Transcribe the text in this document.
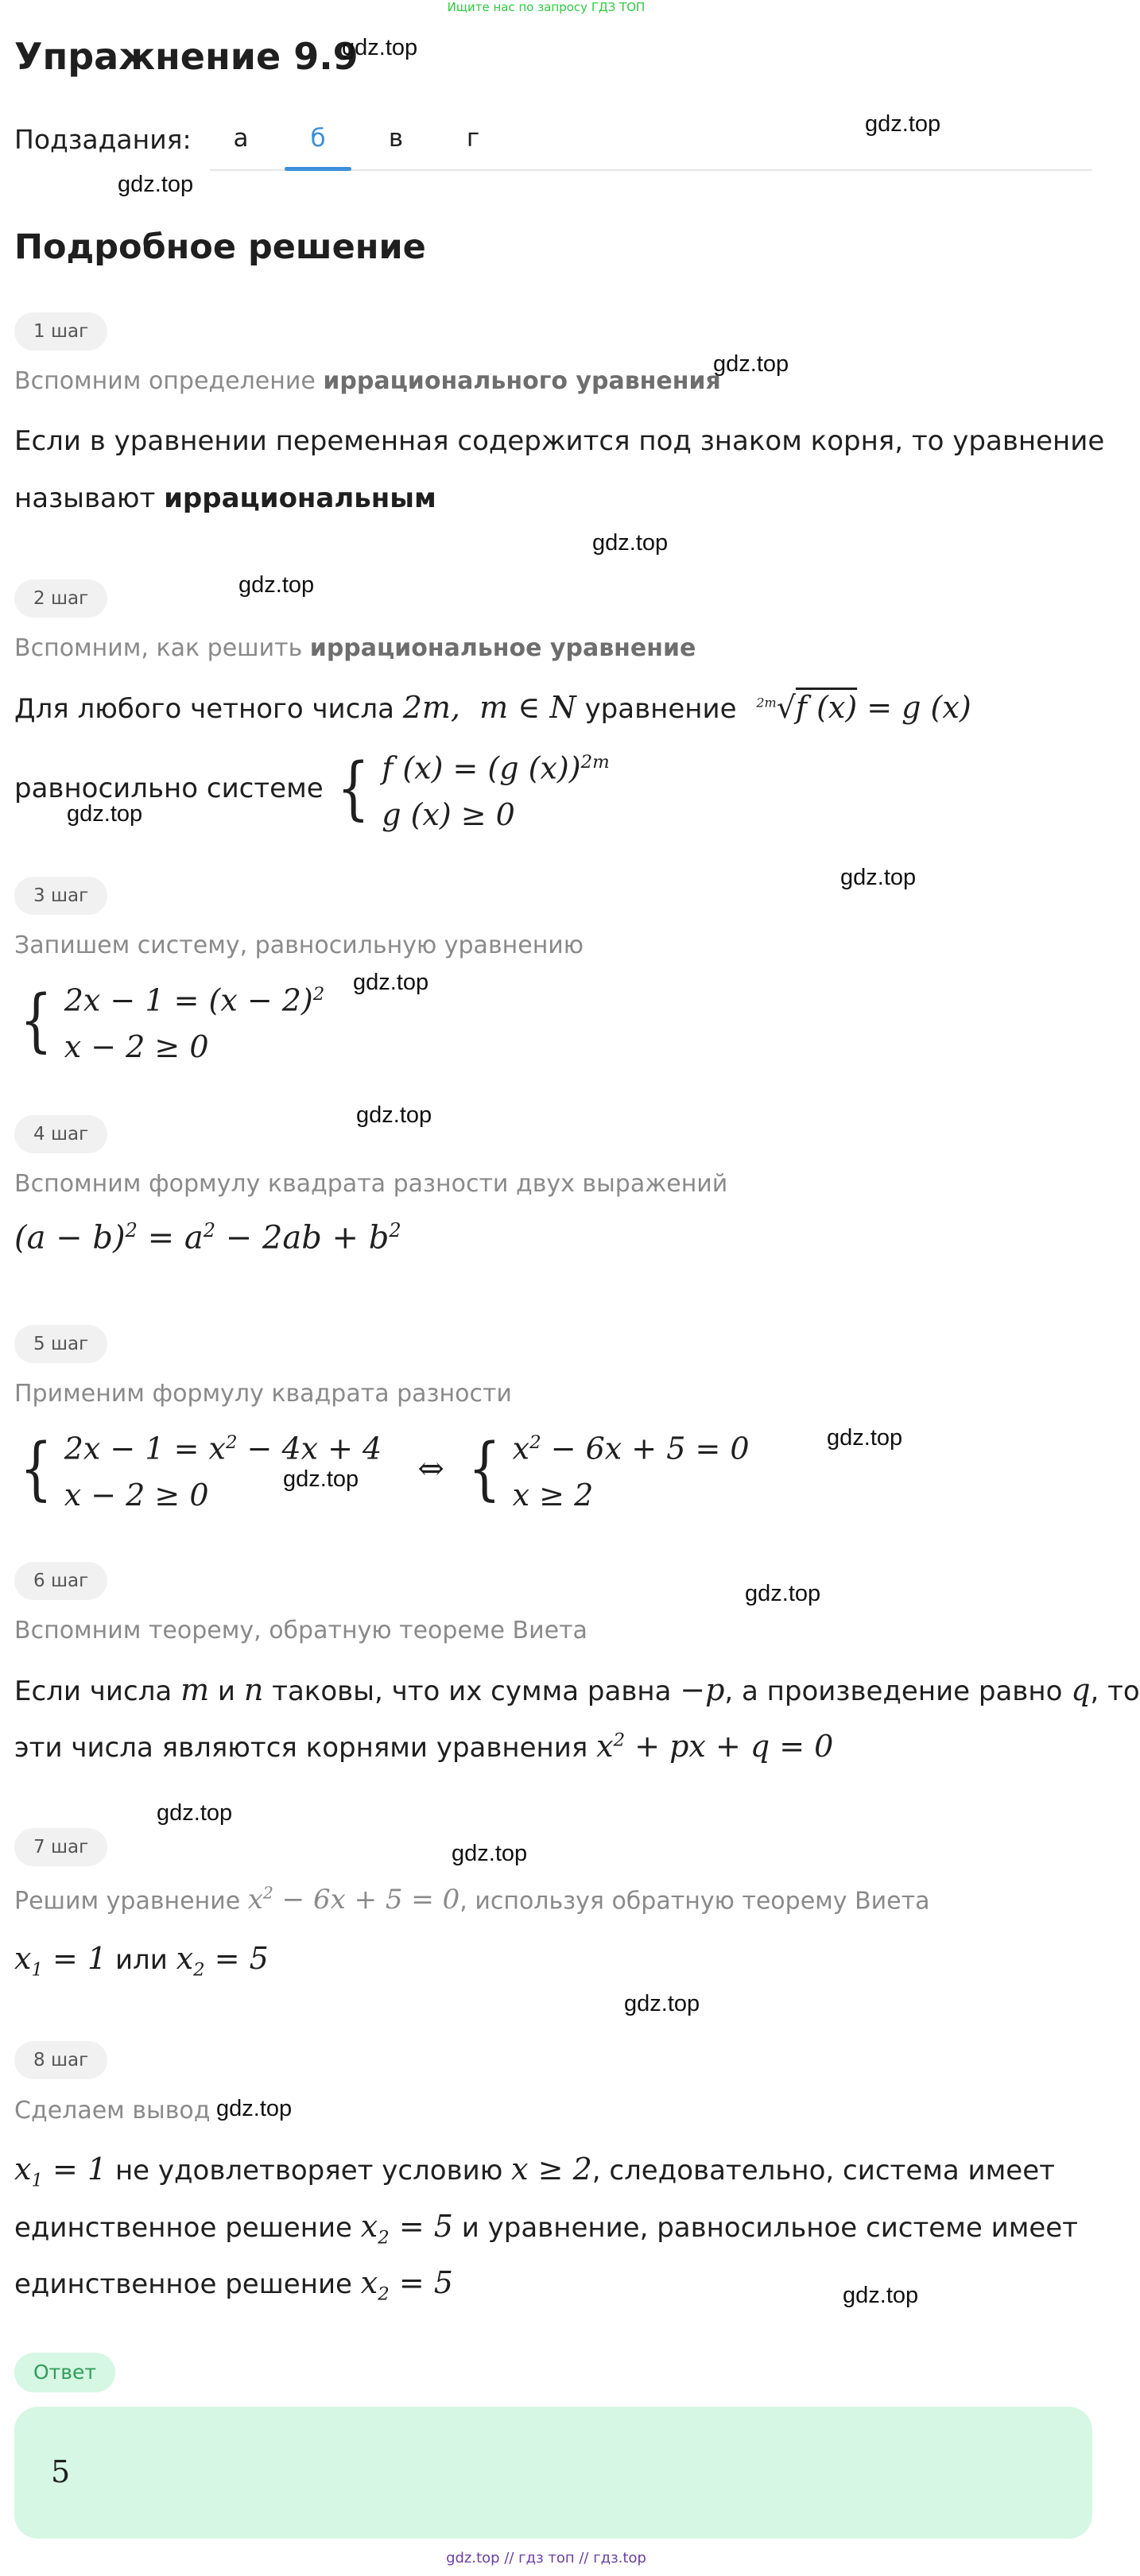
Ищите нас по запросу ГДЗ ТОП
Упражнение 9.9
gdz.top
gdz.top
gdz.top
gdz.top
gdz.top
gdz.top
gdz.top
gdz.top
gdz.top
gdz.top
gdz.top
gdz.top
gdz.top
gdz.top
gdz.top
gdz.top
gdz.top
gdz.top
Подзадания:	а	б	в	г
Подробное решение
1 шаг
Вспомним определение иррационального уравнения
Если в уравнении переменная содержится под знаком корня, то уравнение
называют иррациональным
2 шаг
Вспомним, как решить иррациональное уравнение
Для любого четного числа 2m,  m ∈ N уравнение $^{2m}$√f (x) = g (x)
равносильно системе { f (x) = (g (x))$^{2m}$
g (x) ≥ 0
3 шаг
Запишем систему, равносильную уравнению
{ $2x - 1 = (x - 2)^2$
x − 2 ≥ 0
4 шаг
Вспомним формулу квадрата разности двух выражений
$(a - b)^2 = a^2 - 2ab + b^2$
5 шаг
Применим формулу квадрата разности
{ $2x - 1 = x^2 - 4x + 4$
x − 2 ≥ 0
⇔ { $x^2 - 6x + 5 = 0$
x ≥ 2
6 шаг
Вспомним теорему, обратную теореме Виета
Если числа m и n таковы, что их сумма равна −p, а произведение равно q, то
эти числа являются корнями уравнения $x^2$ + px + q = 0
7 шаг
Решим уравнение $x^2 - 6x + 5 = 0$, используя обратную теорему Виета
$x_1 = 1$ или $x_2 = 5$
8 шаг
Сделаем вывод
$x_1 = 1$ не удовлетворяет условию x ≥ 2, следовательно, система имеет
единственное решение $x_2 = 5$ и уравнение, равносильное системе имеет
единственное решение $x_2 = 5$
Ответ
5
gdz.top // гдз топ // гдз.top
